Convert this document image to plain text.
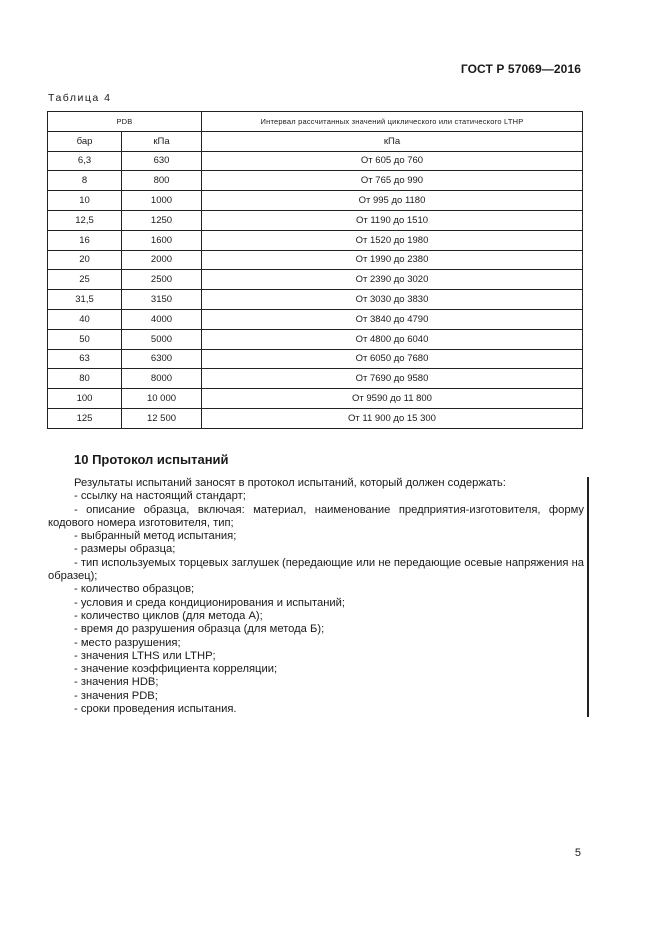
ГОСТ Р 57069—2016
Таблица 4
PDB		Интервал рассчитанных значений циклического или статического LTHP
бар	кПа	кПа
6,3	630	От 605 до 760
8	800	От 765 до 990
10	1000	От 995 до 1180
12,5	1250	От 1190 до 1510
16	1600	От 1520 до 1980
20	2000	От 1990 до 2380
25	2500	От 2390 до 3020
31,5	3150	От 3030 до 3830
40	4000	От 3840 до 4790
50	5000	От 4800 до 6040
63	6300	От 6050 до 7680
80	8000	От 7690 до 9580
100	10 000	От 9590 до 11 800
125	12 500	От 11 900 до 15 300
10 Протокол испытаний

Результаты испытаний заносят в протокол испытаний, который должен содержать:

- ссылку на настоящий стандарт;

- описание образца, включая: материал, наименование предприятия-изготовителя, форму кодового номера изготовителя, тип;

- выбранный метод испытания;

- размеры образца;

- тип используемых торцевых заглушек (передающие или не передающие осевые напряжения на образец);

- количество образцов;

- условия и среда кондиционирования и испытаний;

- количество циклов (для метода А);

- время до разрушения образца (для метода Б);

- место разрушения;

- значения LTHS или LTHP;

- значение коэффициента корреляции;

- значения HDB;

- значения PDB;

- сроки проведения испытания.

5
